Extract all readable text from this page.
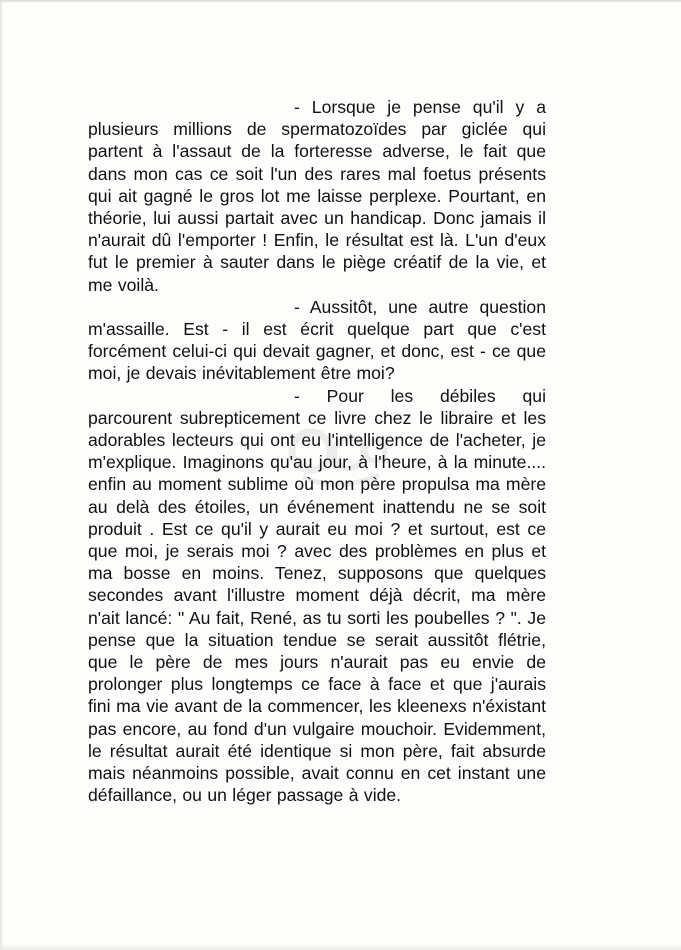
- Lorsque je pense qu'il y a plusieurs millions de spermatozoïdes par giclée qui partent à l'assaut de la forteresse adverse, le fait que dans mon cas ce soit l'un des rares mal foetus présents qui ait gagné le gros lot me laisse perplexe. Pourtant, en théorie, lui aussi partait avec un handicap. Donc jamais il n'aurait dû l'emporter ! Enfin, le résultat est là. L'un d'eux fut le premier à sauter dans le piège créatif de la vie, et me voilà.

- Aussitôt, une autre question m'assaille. Est - il est écrit quelque part que c'est forcément celui-ci qui devait gagner, et donc, est - ce que moi, je devais inévitablement être moi?

- Pour les débiles qui parcourent subrepticement ce livre chez le libraire et les adorables lecteurs qui ont eu l'intelligence de l'acheter, je m'explique. Imaginons qu'au jour, à l'heure, à la minute.... enfin au moment sublime où mon père propulsa ma mère au delà des étoiles, un événement inattendu ne se soit produit . Est ce qu'il y aurait eu moi ? et surtout, est ce que moi, je serais moi ? avec des problèmes en plus et ma bosse en moins. Tenez, supposons que quelques secondes avant l'illustre moment déjà décrit, ma mère n'ait lancé: " Au fait, René, as tu sorti les poubelles ? ". Je pense que la situation tendue se serait aussitôt flétrie, que le père de mes jours n'aurait pas eu envie de prolonger plus longtemps ce face à face et que j'aurais fini ma vie avant de la commencer, les kleenexs n'éxistant pas encore, au fond d'un vulgaire mouchoir. Evidemment, le résultat aurait été identique si mon père, fait absurde mais néanmoins possible, avait connu en cet instant une défaillance, ou un léger passage à vide.
